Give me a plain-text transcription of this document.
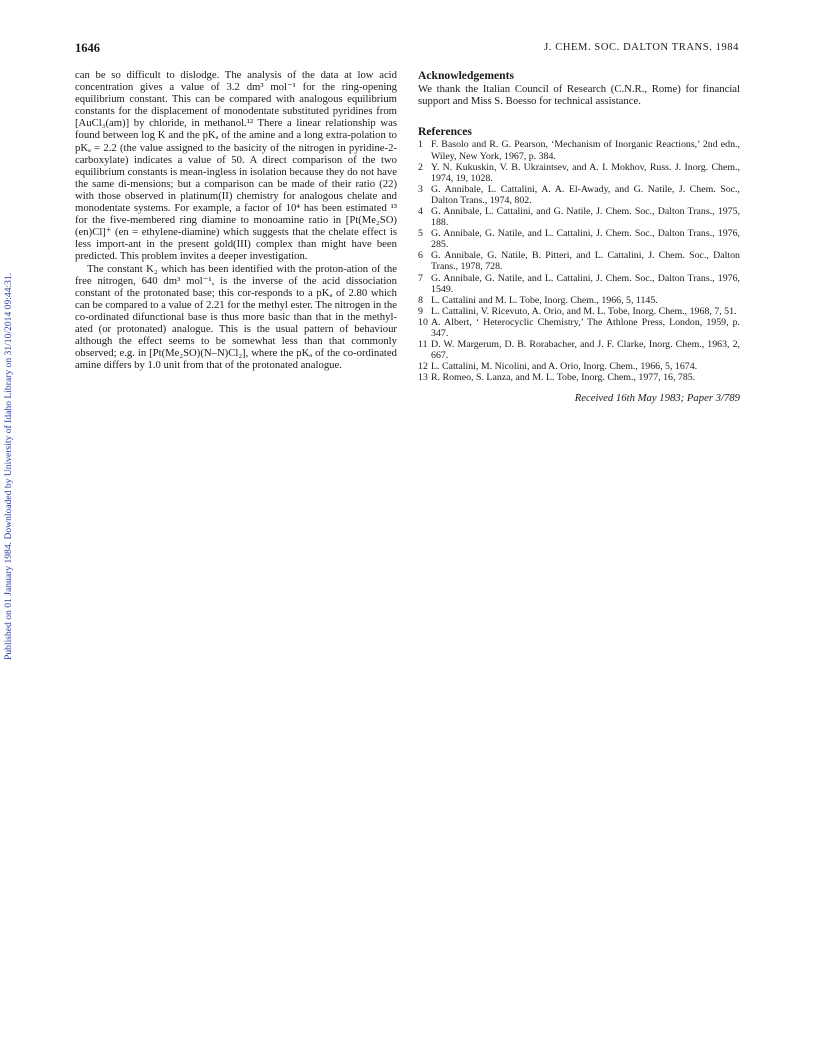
Published on 01 January 1984. Downloaded by University of Idaho Library on 31/10/2014 09:44:31.
1646	J. CHEM. SOC. DALTON TRANS. 1984

can be so difficult to dislodge. The analysis of the data at low acid concentration gives a value of 3.2 dm³ mol⁻¹ for the ring-opening equilibrium constant. This can be compared with analogous equilibrium constants for the displacement of monodentate substituted pyridines from [AuCl₃(am)] by chloride, in methanol.¹² There a linear relationship was found between log K and the pKₐ of the amine and a long extra-polation to pKₐ = 2.2 (the value assigned to the basicity of the nitrogen in pyridine-2-carboxylate) indicates a value of 50. A direct comparison of the two equilibrium constants is mean-ingless in isolation because they do not have the same di-mensions; but a comparison can be made of their ratio (22) with those observed in platinum(II) chemistry for analogous chelate and monodentate systems. For example, a factor of 10⁴ has been estimated ¹³ for the five-membered ring diamine to monoamine ratio in [Pt(Me₂SO)(en)Cl]⁺ (en = ethylene-diamine) which suggests that the chelate effect is less import-ant in the present gold(III) complex than might have been predicted. This problem invites a deeper investigation.

The constant K₂ which has been identified with the proton-ation of the free nitrogen, 640 dm³ mol⁻¹, is the inverse of the acid dissociation constant of the protonated base; this cor-responds to a pKₐ of 2.80 which can be compared to a value of 2.21 for the methyl ester. The nitrogen in the co-ordinated difunctional base is thus more basic than that in the methyl-ated (or protonated) analogue. This is the usual pattern of behaviour although the effect seems to be somewhat less than that commonly observed; e.g. in [Pt(Me₂SO)(N–N)Cl₂], where the pKₐ of the co-ordinated amine differs by 1.0 unit from that of the protonated analogue.

Acknowledgements

We thank the Italian Council of Research (C.N.R., Rome) for financial support and Miss S. Boesso for technical assistance.

References
1 F. Basolo and R. G. Pearson, ‘Mechanism of Inorganic Reactions,’ 2nd edn., Wiley, New York, 1967, p. 384.
2 Y. N. Kukuskin, V. B. Ukraintsev, and A. I. Mokhov, Russ. J. Inorg. Chem., 1974, 19, 1028.
3 G. Annibale, L. Cattalini, A. A. El-Awady, and G. Natile, J. Chem. Soc., Dalton Trans., 1974, 802.
4 G. Annibale, L. Cattalini, and G. Natile, J. Chem. Soc., Dalton Trans., 1975, 188.
5 G. Annibale, G. Natile, and L. Cattalini, J. Chem. Soc., Dalton Trans., 1976, 285.
6 G. Annibale, G. Natile, B. Pitteri, and L. Cattalini, J. Chem. Soc., Dalton Trans., 1978, 728.
7 G. Annibale, G. Natile, and L. Cattalini, J. Chem. Soc., Dalton Trans., 1976, 1549.
8 L. Cattalini and M. L. Tobe, Inorg. Chem., 1966, 5, 1145.
9 L. Cattalini, V. Ricevuto, A. Orio, and M. L. Tobe, Inorg. Chem., 1968, 7, 51.
10 A. Albert, ‘ Heterocyclic Chemistry,’ The Athlone Press, London, 1959, p. 347.
11 D. W. Margerum, D. B. Rorabacher, and J. F. Clarke, Inorg. Chem., 1963, 2, 667.
12 L. Cattalini, M. Nicolini, and A. Orio, Inorg. Chem., 1966, 5, 1674.
13 R. Romeo, S. Lanza, and M. L. Tobe, Inorg. Chem., 1977, 16, 785.
Received 16th May 1983; Paper 3/789
